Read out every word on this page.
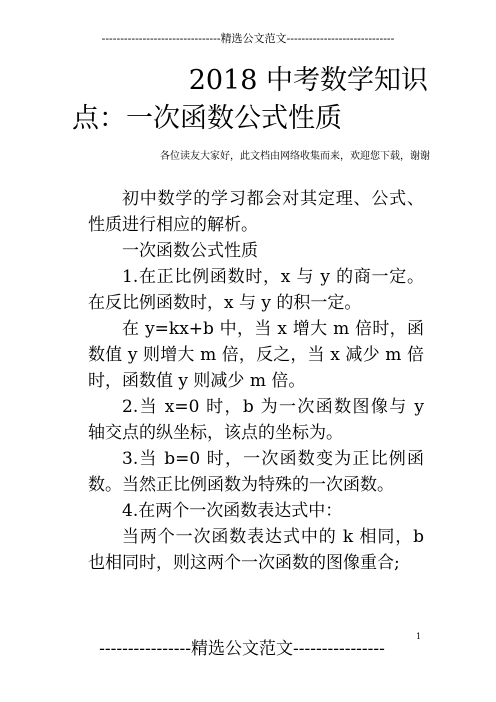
--------------------------------精选公文范文-----------------------------
2018 中考数学知识
点：一次函数公式性质
各位读友大家好，此文档由网络收集而来，欢迎您下载，谢谢

初中数学的学习都会对其定理、公式、性质进行相应的解析。

一次函数公式性质

1.在正比例函数时，x 与 y 的商一定。在反比例函数时，x 与 y 的积一定。

在 y=kx+b 中，当 x 增大 m 倍时，函数值 y 则增大 m 倍，反之，当 x 减少 m 倍时，函数值 y 则减少 m 倍。

2.当 x=0 时，b 为一次函数图像与 y 轴交点的纵坐标，该点的坐标为。

3.当 b=0 时，一次函数变为正比例函数。当然正比例函数为特殊的一次函数。

4.在两个一次函数表达式中：

当两个一次函数表达式中的 k 相同，b 也相同时，则这两个一次函数的图像重合;

----------------精选公文范文----------------
1
